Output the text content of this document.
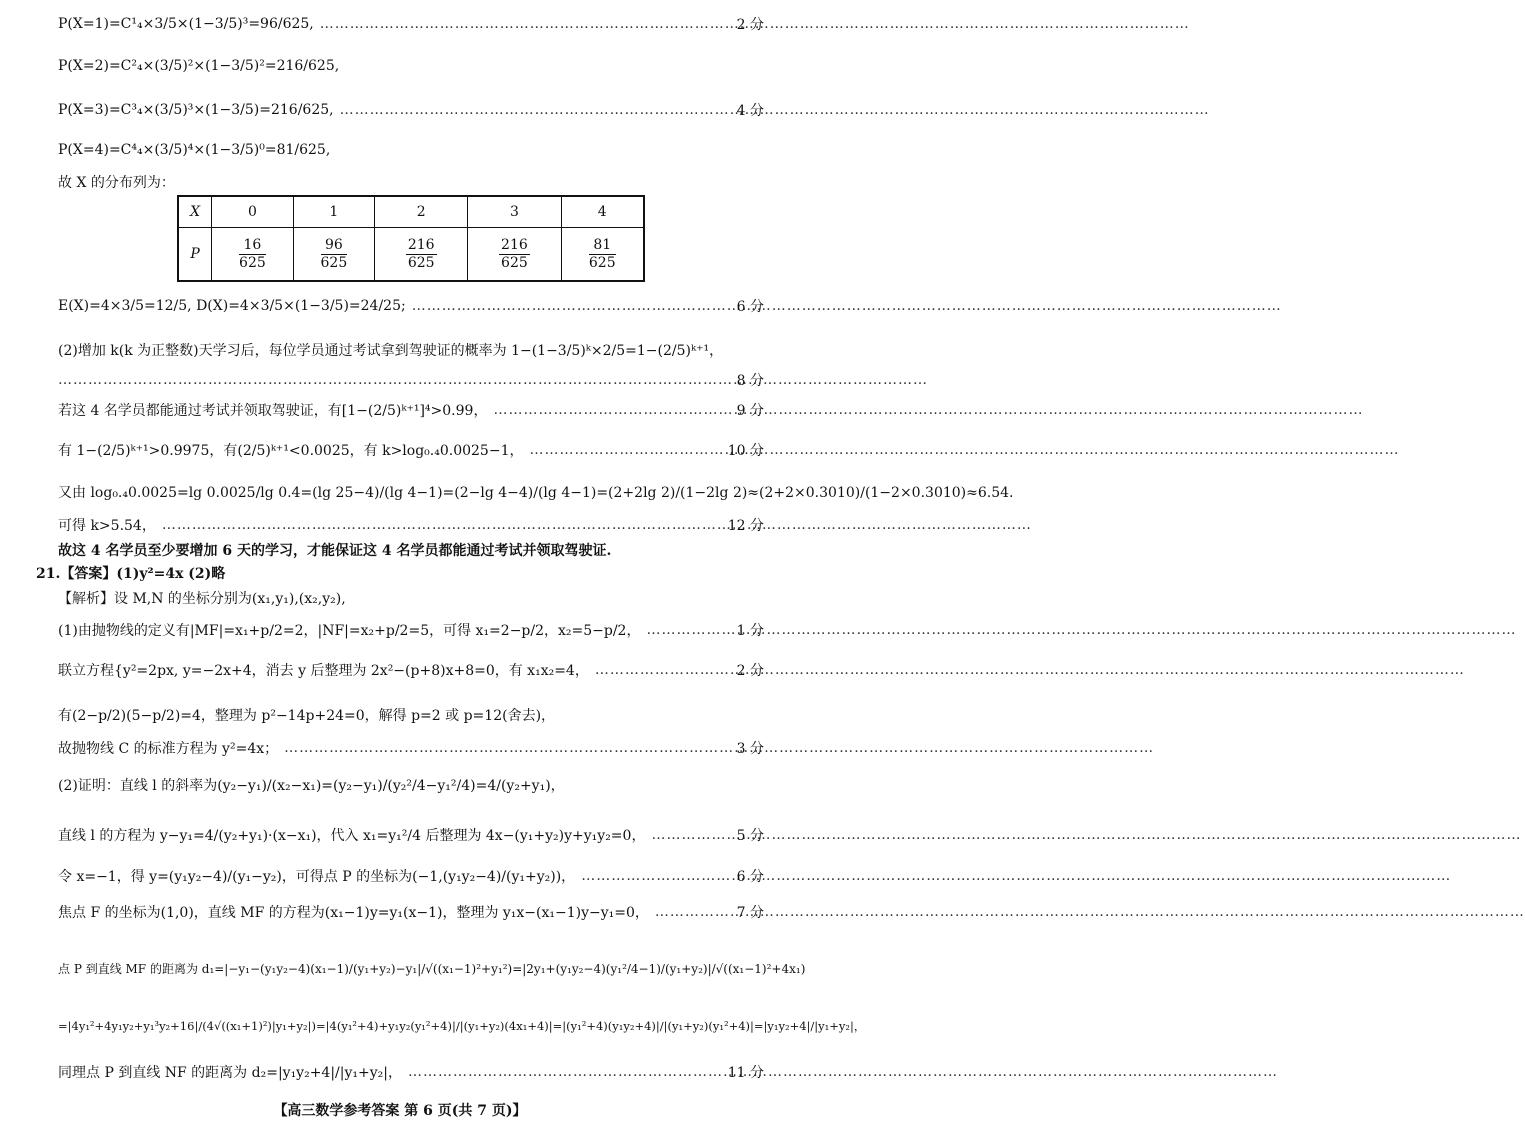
P(X=1)=C¹₄×3/5×(1−3/5)³=96/625, …………………………………………………………………………………………………………………………………………………………	2 分
P(X=2)=C²₄×(3/5)²×(1−3/5)²=216/625,
P(X=3)=C³₄×(3/5)³×(1−3/5)=216/625, …………………………………………………………………………………………………………………………………………………………	4 分
P(X=4)=C⁴₄×(3/5)⁴×(1−3/5)⁰=81/625,
故 X 的分布列为：
X	0	1	2	3	4
P	$\frac{16}{625}$	$\frac{96}{625}$	$\frac{216}{625}$	$\frac{216}{625}$	$\frac{81}{625}$
E(X)=4×3/5=12/5, D(X)=4×3/5×(1−3/5)=24/25; …………………………………………………………………………………………………………………………………………………………	6 分
(2)增加 k(k 为正整数)天学习后，每位学员通过考试拿到驾驶证的概率为 1−(1−3/5)ᵏ×2/5=1−(2/5)ᵏ⁺¹，
…………………………………………………………………………………………………………………………………………………………
8 分
若这 4 名学员都能通过考试并领取驾驶证，有[1−(2/5)ᵏ⁺¹]⁴>0.99， …………………………………………………………………………………………………………………………………………………………	9 分
有 1−(2/5)ᵏ⁺¹>0.9975，有(2/5)ᵏ⁺¹<0.0025，有 k>log₀.₄0.0025−1， …………………………………………………………………………………………………………………………………………………………	10 分
又由 log₀.₄0.0025=lg 0.0025/lg 0.4=(lg 25−4)/(lg 4−1)=(2−lg 4−4)/(lg 4−1)=(2+2lg 2)/(1−2lg 2)≈(2+2×0.3010)/(1−2×0.3010)≈6.54.
可得 k>5.54， …………………………………………………………………………………………………………………………………………………………	12 分
故这 4 名学员至少要增加 6 天的学习，才能保证这 4 名学员都能通过考试并领取驾驶证.
21.【答案】(1)y²=4x (2)略
【解析】设 M,N 的坐标分别为(x₁,y₁),(x₂,y₂),
(1)由抛物线的定义有|MF|=x₁+p/2=2，|NF|=x₂+p/2=5，可得 x₁=2−p/2，x₂=5−p/2， …………………………………………………………………………………………………………………………………………………………	1 分
联立方程{y²=2px, y=−2x+4，消去 y 后整理为 2x²−(p+8)x+8=0，有 x₁x₂=4， …………………………………………………………………………………………………………………………………………………………	2 分
有(2−p/2)(5−p/2)=4，整理为 p²−14p+24=0，解得 p=2 或 p=12(舍去)，
故抛物线 C 的标准方程为 y²=4x； …………………………………………………………………………………………………………………………………………………………	3 分
(2)证明：直线 l 的斜率为(y₂−y₁)/(x₂−x₁)=(y₂−y₁)/(y₂²/4−y₁²/4)=4/(y₂+y₁)，
直线 l 的方程为 y−y₁=4/(y₂+y₁)·(x−x₁)，代入 x₁=y₁²/4 后整理为 4x−(y₁+y₂)y+y₁y₂=0， …………………………………………………………………………………………………………………………………………………………	5 分
令 x=−1，得 y=(y₁y₂−4)/(y₁−y₂)，可得点 P 的坐标为(−1,(y₁y₂−4)/(y₁+y₂))， …………………………………………………………………………………………………………………………………………………………	6 分
焦点 F 的坐标为(1,0)，直线 MF 的方程为(x₁−1)y=y₁(x−1)，整理为 y₁x−(x₁−1)y−y₁=0， …………………………………………………………………………………………………………………………………………………………	7 分
点 P 到直线 MF 的距离为 d₁=|−y₁−(y₁y₂−4)(x₁−1)/(y₁+y₂)−y₁|/√((x₁−1)²+y₁²)=|2y₁+(y₁y₂−4)(y₁²/4−1)/(y₁+y₂)|/√((x₁−1)²+4x₁)
=|4y₁²+4y₁y₂+y₁³y₂+16|/(4√((x₁+1)²)|y₁+y₂|)=|4(y₁²+4)+y₁y₂(y₁²+4)|/|(y₁+y₂)(4x₁+4)|=|(y₁²+4)(y₁y₂+4)|/|(y₁+y₂)(y₁²+4)|=|y₁y₂+4|/|y₁+y₂|，
同理点 P 到直线 NF 的距离为 d₂=|y₁y₂+4|/|y₁+y₂|， …………………………………………………………………………………………………………………………………………………………	11 分
【高三数学参考答案 第 6 页(共 7 页)】
